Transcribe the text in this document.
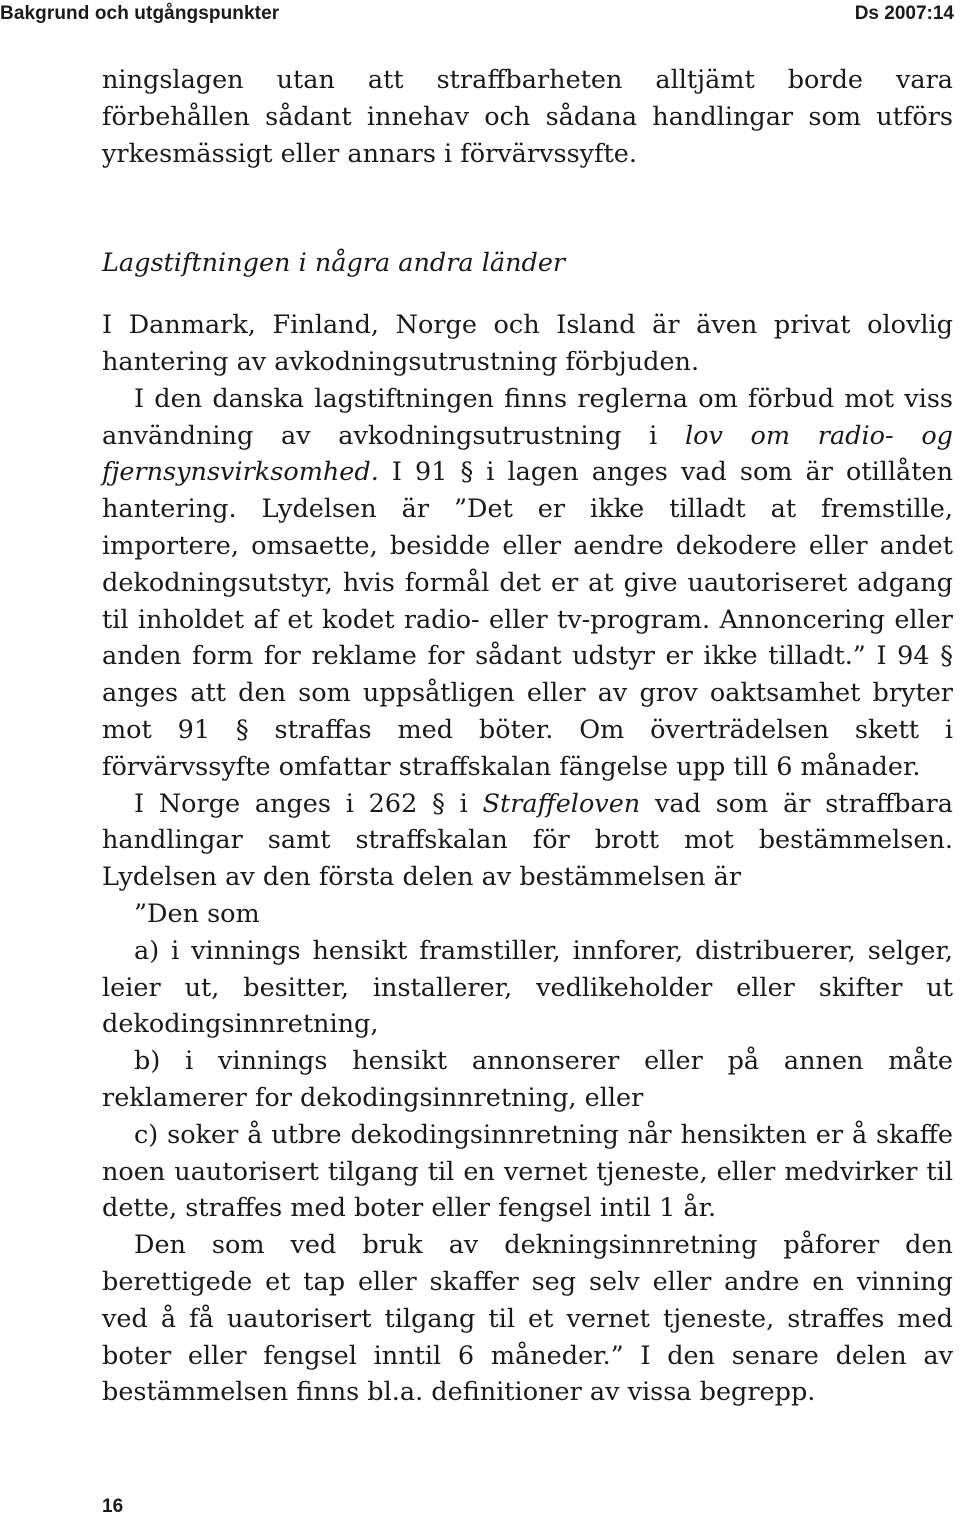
Bakgrund och utgångspunkter	Ds 2007:14

ningslagen utan att straffbarheten alltjämt borde vara förbehållen sådant innehav och sådana handlingar som utförs yrkesmässigt eller annars i förvärvssyfte.

Lagstiftningen i några andra länder

I Danmark, Finland, Norge och Island är även privat olovlig hantering av avkodningsutrustning förbjuden.

I den danska lagstiftningen finns reglerna om förbud mot viss användning av avkodningsutrustning i lov om radio- og fjernsynsvirksomhed. I 91 § i lagen anges vad som är otillåten hantering. Lydelsen är ”Det er ikke tilladt at fremstille, importere, omsaette, besidde eller aendre dekodere eller andet dekodningsutstyr, hvis formål det er at give uautoriseret adgang til inholdet af et kodet radio- eller tv-program. Annoncering eller anden form for reklame for sådant udstyr er ikke tilladt.” I 94 § anges att den som uppsåtligen eller av grov oaktsamhet bryter mot 91 § straffas med böter. Om överträdelsen skett i förvärvssyfte omfattar straffskalan fängelse upp till 6 månader.

I Norge anges i 262 § i Straffeloven vad som är straffbara handlingar samt straffskalan för brott mot bestämmelsen. Lydelsen av den första delen av bestämmelsen är

”Den som

a) i vinnings hensikt framstiller, innforer, distribuerer, selger, leier ut, besitter, installerer, vedlikeholder eller skifter ut dekodingsinnretning,

b) i vinnings hensikt annonserer eller på annen måte reklamerer for dekodingsinnretning, eller

c) soker å utbre dekodingsinnretning når hensikten er å skaffe noen uautorisert tilgang til en vernet tjeneste, eller medvirker til dette, straffes med boter eller fengsel intil 1 år.

Den som ved bruk av dekningsinnretning påforer den berettigede et tap eller skaffer seg selv eller andre en vinning ved å få uautorisert tilgang til et vernet tjeneste, straffes med boter eller fengsel inntil 6 måneder.” I den senare delen av bestämmelsen finns bl.a. definitioner av vissa begrepp.

16
